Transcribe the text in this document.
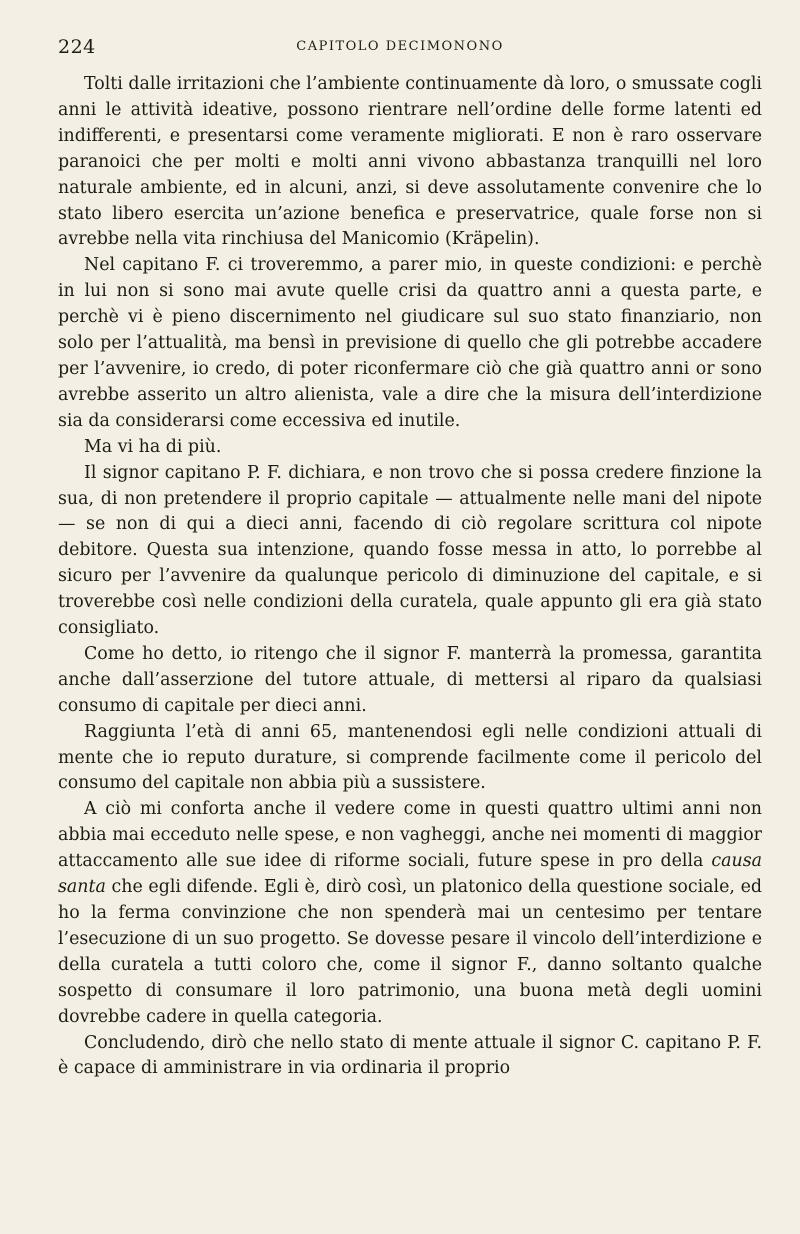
224	CAPITOLO DECIMONONO

Tolti dalle irritazioni che l’ambiente continuamente dà loro, o smussate cogli anni le attività ideative, possono rientrare nell’ordine delle forme latenti ed indifferenti, e presentarsi come veramente migliorati. E non è raro osservare paranoici che per molti e molti anni vivono abbastanza tranquilli nel loro naturale ambiente, ed in alcuni, anzi, si deve assolutamente convenire che lo stato libero esercita un’azione benefica e preservatrice, quale forse non si avrebbe nella vita rinchiusa del Manicomio (Kräpelin).

Nel capitano F. ci troveremmo, a parer mio, in queste condizioni: e perchè in lui non si sono mai avute quelle crisi da quattro anni a questa parte, e perchè vi è pieno discernimento nel giudicare sul suo stato finanziario, non solo per l’attualità, ma bensì in previsione di quello che gli potrebbe accadere per l’avvenire, io credo, di poter riconfermare ciò che già quattro anni or sono avrebbe asserito un altro alienista, vale a dire che la misura dell’interdizione sia da considerarsi come eccessiva ed inutile.

Ma vi ha di più.

Il signor capitano P. F. dichiara, e non trovo che si possa credere finzione la sua, di non pretendere il proprio capitale — attualmente nelle mani del nipote — se non di qui a dieci anni, facendo di ciò regolare scrittura col nipote debitore. Questa sua intenzione, quando fosse messa in atto, lo porrebbe al sicuro per l’avvenire da qualunque pericolo di diminuzione del capitale, e si troverebbe così nelle condizioni della curatela, quale appunto gli era già stato consigliato.

Come ho detto, io ritengo che il signor F. manterrà la promessa, garantita anche dall’asserzione del tutore attuale, di mettersi al riparo da qualsiasi consumo di capitale per dieci anni.

Raggiunta l’età di anni 65, mantenendosi egli nelle condizioni attuali di mente che io reputo durature, si comprende facilmente come il pericolo del consumo del capitale non abbia più a sussistere.

A ciò mi conforta anche il vedere come in questi quattro ultimi anni non abbia mai ecceduto nelle spese, e non vagheggi, anche nei momenti di maggior attaccamento alle sue idee di riforme sociali, future spese in pro della causa santa che egli difende. Egli è, dirò così, un platonico della questione sociale, ed ho la ferma convinzione che non spenderà mai un centesimo per tentare l’esecuzione di un suo progetto. Se dovesse pesare il vincolo dell’interdizione e della curatela a tutti coloro che, come il signor F., danno soltanto qualche sospetto di consumare il loro patrimonio, una buona metà degli uomini dovrebbe cadere in quella categoria.

Concludendo, dirò che nello stato di mente attuale il signor C. capitano P. F. è capace di amministrare in via ordinaria il proprio
